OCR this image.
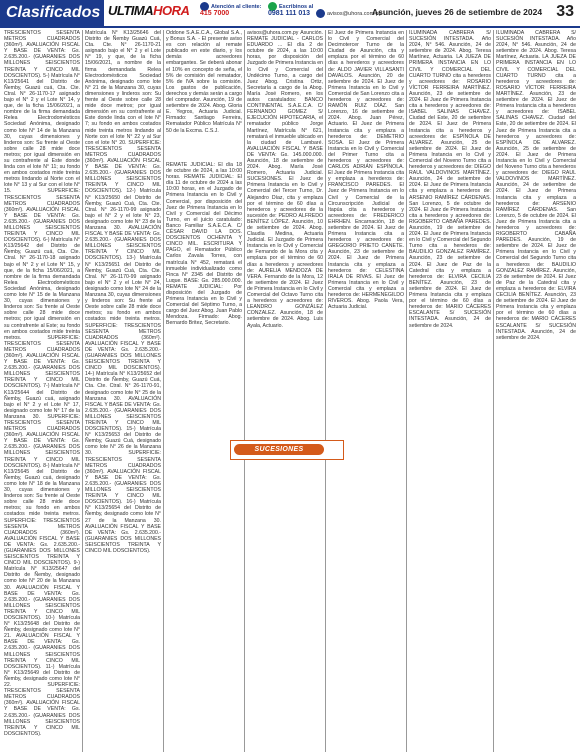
Clasificados ULTIMAHORA	Atención al cliente:
415 7000
Escribinos al
0981 111 013	avisos@uhora.com.py
Asunción, jueves 26 de setiembre de 2024 33

TRESCIENTOS SESENTA METROS CUADRADOS (360m²). AVALUACIÓN FISCAL Y BASE DE VENTA: Gs. 2.635.200.- (GUARANIES DOS MILLONES SEISCIENTOS TREINTA Y CINCO MIL DOSCIENTOS). 5-) Matrícula N° K13/25641 del Distrito de Ñemby, Guazú cuá, Cta. Cte. Ctral. N° 26-1170-17 asignado bajo el N° 2 y el Lote N° 14, y que, de la ficha 15/06/2021, a nombre de la firma demandada Relea Electrodomésticos Sociedad Anónima, designado como lote N° 14 de la Manzana 30, cuyas dimensiones y linderos son: Su frente al Oeste sobre calle 28 mide doce metros; por igual dimensión en su contrafrente al Este donde linda con el lote N° 11; su fondo en ambos costados mide treinta metros lindando al Norte con el lote N° 13 y al Sur con el lote N° 15. SUPERFICIE: TRESCIENTOS SESENTA METROS CUADRADOS (360m²). AVALUACIÓN FISCAL Y BASE DE VENTA: Gs. 2.635.200.- (GUARANIES DOS MILLONES SEISCIENTOS TREINTA Y CINCO MIL DOSCIENTOS). 6-) Matrícula N° K13/25642 del Distrito de Ñemby, Guazú cuá, Cta. Cte. Ctral. N° 26-1170-18 asignado bajo el N° 2 y el Lote N° 15, y que, de la ficha 15/06/2021, a nombre de la firma demandada Relea Electrodomésticos Sociedad Anónima, designado como lote N° 15 de la Manzana 30, cuyas dimensiones y linderos son: Su frente al Oeste sobre calle 28 mide doce metros; por igual dimensión en su contrafrente al Este; su fondo en ambos costados mide treinta metros. SUPERFICIE: TRESCIENTOS SESENTA METROS CUADRADOS (360m²). AVALUACIÓN FISCAL Y BASE DE VENTA: Gs. 2.635.200.- (GUARANIES DOS MILLONES SEISCIENTOS TREINTA Y CINCO MIL DOSCIENTOS). 7-) Matrícula N° K13/25644 del Distrito de Ñemby, Guazú cuá, asignado bajo el N° 2 y el Lote N° 17, designado como lote N° 17 de la Manzana 30. SUPERFICIE: TRESCIENTOS SESENTA METROS CUADRADOS (360m²). AVALUACIÓN FISCAL Y BASE DE VENTA: Gs. 2.635.200.- (GUARANIES DOS MILLONES SEISCIENTOS TREINTA Y CINCO MIL DOSCIENTOS). 8-) Matrícula N° K13/25645 del Distrito de Ñemby, Guazú cuá, designado como lote N° 18 de la Manzana 30, cuyas dimensiones y linderos son: Su frente al Oeste sobre calle 28 mide doce metros; su fondo en ambos costados mide treinta metros. SUPERFICIE: TRESCIENTOS SESENTA METROS CUADRADOS (360m²). AVALUACIÓN FISCAL Y BASE DE VENTA: Gs. 2.635.200.- (GUARANIES DOS MILLONES SEISCIENTOS TREINTA Y CINCO MIL DOSCIENTOS). 9-) Matrícula N° K13/25647 del Distrito de Ñemby, designado como lote N° 20 de la Manzana 30. AVALUACIÓN FISCAL Y BASE DE VENTA: Gs. 2.635.200.- (GUARANIES DOS MILLONES SEISCIENTOS TREINTA Y CINCO MIL DOSCIENTOS). 10-) Matrícula N° K13/25648 del Distrito de Ñemby, designado como lote N° 21. AVALUACIÓN FISCAL Y BASE DE VENTA: Gs. 2.635.200.- (GUARANIES DOS MILLONES SEISCIENTOS TREINTA Y CINCO MIL DOSCIENTOS). 11-) Matrícula N° K13/25649 del Distrito de Ñemby, designado como lote N° 22. SUPERFICIE: TRESCIENTOS SESENTA METROS CUADRADOS (360m²). AVALUACIÓN FISCAL Y BASE DE VENTA: Gs. 2.635.200.- (GUARANIES DOS MILLONES SEISCIENTOS TREINTA Y CINCO MIL DOSCIENTOS).

Matrícula N° K13/25646 del Distrito de Ñemby Guazú Cuá, Cta. Cte. N° 26-1170-21 asignado bajo el N° 2 y el Lote N° 19, y que, de la ficha 15/06/2021, a nombre de la firma demandada Relea Electrodomésticos Sociedad Anónima, designado como lote N° 21 de la Manzana 30, cuyas dimensiones y linderos son: Su frente al Oeste sobre calle 28 mide doce metros; por igual dimensión en su contrafrente al Este donde linda con el lote N° 7; su fondo en ambos costados mide treinta metros lindando al Norte con el lote N° 22 y al Sur con el lote N° 20. SUPERFICIE: TRESCIENTOS SESENTA METROS CUADRADOS (360m²). AVALUACIÓN FISCAL Y BASE DE VENTA: Gs. 2.635.200.- (GUARANIES DOS MILLONES SEISCIENTOS TREINTA Y CINCO MIL DOSCIENTOS). 12-) Matrícula N° K13/25650 del Distrito de Ñemby, Guazú Cuá, Cta. Cte. Ctral. N° 26-1170-99 asignado bajo el N° 2 y el lote N° 23, designado como lote N° 23 de la Manzana 30. AVALUACIÓN FISCAL Y BASE DE VENTA: Gs. 2.635.200.- (GUARANIES DOS MILLONES SEISCIENTOS TREINTA Y CINCO MIL DOSCIENTOS). 13-) Matrícula N° K13/25651 del Distrito de Ñemby, Guazú Cuá, Cta. Cte. Ctral. N° 26-1170-99 asignado bajo el N° 2 y el Lote N° 24, designado como lote N° 24 de la Manzana 30, cuyas dimensiones y linderos son: Su frente al Oeste sobre calle 28 mide doce metros; su fondo en ambos costados mide treinta metros. SUPERFICIE: TRESCIENTOS SESENTA METROS CUADRADOS (360m²). AVALUACIÓN FISCAL Y BASE DE VENTA: Gs. 2.635.200.- (GUARANIES DOS MILLONES SEISCIENTOS TREINTA Y CINCO MIL DOSCIENTOS). 14-) Matrícula N° K13/25652 del Distrito de Ñemby, Guazú Cuá, Cta. Cte. Ctral. N° 26-1170-91, designado como lote N° 25 de la Manzana 30. AVALUACIÓN FISCAL Y BASE DE VENTA: Gs. 2.635.200.- (GUARANIES DOS MILLONES SEISCIENTOS TREINTA Y CINCO MIL DOSCIENTOS). 15-) Matrícula N° K13/25653 del Distrito de Ñemby, Guazú Cuá, designado como lote N° 26 de la Manzana 30. SUPERFICIE: TRESCIENTOS SESENTA METROS CUADRADOS (360m²). AVALUACIÓN FISCAL Y BASE DE VENTA: Gs. 2.635.200.- (GUARANIES DOS MILLONES SEISCIENTOS TREINTA Y CINCO MIL DOSCIENTOS). 16-) Matrícula N° K13/25654 del Distrito de Ñemby, designado como lote N° 27 de la Manzana 30. AVALUACIÓN FISCAL Y BASE DE VENTA: Gs. 2.635.200.- (GUARANIES DOS MILLONES SEISCIENTOS TREINTA Y CINCO MIL DOSCIENTOS).

Oddone S.A.E.C.A., Global S.A., y Bonus S.A. - El presente aviso es con relación al remate publicado en este diario, y los demás acreedores embargantes. Se deberá abonar el 10% en concepto de seña, el 5% de comisión del rematador, 5% de IVA sobre la comisión. Los gastos de publicación, derechos y demás serán a cargo del comprador. Asunción, 19 de setiembre de 2024. Abog. Gloria E. Yegros, Actuaria Judicial. Firmado: Santiago Ferreira, Rematador Público Matrícula N° 50 de la Excma. C.S.J.

REMATE JUDICIAL: El día 18 de octubre de 2024, a las 10:00 horas. REMATE JUDICIAL: El día 11 de octubre de 2024 a las 10:00 horas, en el Juzgado de Primera Instancia en lo Civil y Comercial, por disposición del Juez de Primera Instancia en lo Civil y Comercial del Décimo Turno, en el juicio caratulado: Banco Familiar S.A.E.C.A. C/ CÉSAR DAVID LA DOS. DOSCIENTOS OCHENTA Y CINCO MIL. ESCRITURA Y PAGO, el Rematador Público Carlos Zavala Torres, con matrícula N° 452, rematará el inmueble individualizado como Finca N° 2345 del Distrito de Luque. BASE: Gs. 285.000.000. REMATE JUDICIAL: Por disposición del Juzgado de Primera Instancia en lo Civil y Comercial del Séptimo Turno, a cargo del Juez Abog. Juan Pablo Mendoza. Firmado: Abog. Bernardo Britez, Secretario.

avisos@uhora.com.py Asunción. REMATE JUDICIAL - CARLOS EDUARDO ... El día 2 de octubre de 2024, a las 10:00 horas, por disposición del Juzgado de Primera Instancia en lo Civil y Comercial del Undécimo Turno, a cargo del Juez Abog. Cristina Ortiz, Secretaría a cargo de la Abog. María José Romero, en los autos caratulados: BANCO CONTINENTAL S.A.E.C.A. C/ FERNANDO GOMEZ S/ EJECUCIÓN HIPOTECARIA, el rematador público Jorge Martínez, Matrícula N° 621, rematará el inmueble ubicado en la ciudad de Lambaré. AVALUACIÓN FISCAL Y BASE DE VENTA: Gs. 145.000.000. Asunción, 18 de setiembre de 2024. Abog. María José Romero, Actuaria Judicial. SUCESIONES. El Juez de Primera Instancia en lo Civil y Comercial del Tercer Turno, Dr. Alejandro Díaz, cita y emplaza por el término de 60 días a herederos y acreedores de la sucesión de: PEDRO ALFREDO BENÍTEZ LÓPEZ. Asunción, 10 de setiembre de 2024. Abog. Claudia Medina, Actuaria Judicial. El Juzgado de Primera Instancia en lo Civil y Comercial de Fernando de la Mora cita y emplaza por el término de 60 días a herederos y acreedores de: AURELIA MENDOZA DE VERA. Fernando de la Mora, 12 de setiembre de 2024. El Juez de Primera Instancia en lo Civil y Comercial del Octavo Turno cita a herederos y acreedores de: LEANDRO GONZÁLEZ CONZALEZ. Asunción, 18 de setiembre de 2024. Abog. Luis Ayala, Actuario.

El Juez de Primera Instancia en lo Civil y Comercial del Decimotercer Turno de la Ciudad de Asunción, cita y emplaza por el término de 60 días a herederos y acreedores de: ALDO JAVIER VILLASANTI DAVALOS. Asunción, 20 de setiembre de 2024. El Juez de Primera Instancia en lo Civil y Comercial de San Lorenzo cita a herederos y acreedores de: RAMÓN RUIZ DÍAZ. San Lorenzo, 16 de setiembre de 2024. Abog. Juan Pérez, Actuario. El Juez de Primera Instancia cita y emplaza a herederos de: DEMETRIO SOSA. El Juez de Primera Instancia en lo Civil y Comercial del Primer Turno cita a herederos y acreedores de: CARLOS ADRIÁN ESPÍNOLA. El Juez de Primera Instancia cita y emplaza a herederos de: FRANCISCO PAREDES. El Juez de Primera Instancia en lo Civil y Comercial de la Circunscripción Judicial de Itapúa cita a herederos y acreedores de: FREDERICO EHRHEN. Encarnación, 18 de setiembre de 2024. El Juez de Primera Instancia cita a herederos y acreedores de: GREGORIO PRIETO CANETE. Asunción, 23 de setiembre de 2024. El Juez de Primera Instancia cita y emplaza a herederos de: CELESTINA IRALA DE RIVAS. El Juez de Primera Instancia en lo Civil y Comercial cita y emplaza a herederos de: HERMENEGILDO RIVEROS. Abog. Paola Vera, Actuaria Judicial.

ILUMINADA CABRERA S/ SUCESIÓN INTESTADA. Año 2024, N° 546. Asunción, 24 de setiembre de 2024. Abog. Teresa Martínez, Actuaria. LA JUEZA DE PRIMERA INSTANCIA EN LO CIVIL Y COMERCIAL DEL CUARTO TURNO cita a herederos y acreedores de: ROSARIO VÍCTOR FERREIRA MARTÍNEZ. Asunción, 23 de setiembre de 2024. El Juez de Primera Instancia cita a herederos y acreedores de: ISABEL SALINAS CHAVEZ. Ciudad del Este, 20 de setiembre de 2024. El Juez de Primera Instancia cita a herederos y acreedores de: ESPÍNOLA DE ALVAREZ. Asunción, 25 de setiembre de 2024. El Juez de Primera Instancia en lo Civil y Comercial del Noveno Turno cita a herederos y acreedores de: DIEGO RAUL VALDOVINOS MARTÍNEZ. Asunción, 24 de setiembre de 2024. El Juez de Primera Instancia cita y emplaza a herederos de: ARSENIO RAMÍREZ CÁRDENAS. San Lorenzo, 5 de octubre de 2024. El Juez de Primera Instancia cita a herederos y acreedores de: RIGOBERTO CABAÑA PAREDES. Asunción, 19 de setiembre de 2024. El Juez de Primera Instancia en lo Civil y Comercial del Segundo Turno cita a herederos de: BAUDILIO GONZALEZ RAMÍREZ. Asunción, 23 de setiembre de 2024. El Juez de Paz de la Catedral cita y emplaza a herederos de: ELVIRA CECILIA BENÍTEZ. Asunción, 23 de setiembre de 2024. El Juez de Primera Instancia cita y emplaza por el término de 60 días a herederos de: MARIO CÁCERES ESCALANTE S/ SUCESIÓN INTESTADA. Asunción, 24 de setiembre de 2024.

ILUMINADA CABRERA S/ SUCESIÓN INTESTADA. Año 2024, N° 546. Asunción, 24 de setiembre de 2024. Abog. Teresa Martínez, Actuaria. LA JUEZA DE PRIMERA INSTANCIA EN LO CIVIL Y COMERCIAL DEL CUARTO TURNO cita a herederos y acreedores de: ROSARIO VÍCTOR FERREIRA MARTÍNEZ. Asunción, 23 de setiembre de 2024. El Juez de Primera Instancia cita a herederos y acreedores de: ISABEL SALINAS CHAVEZ. Ciudad del Este, 20 de setiembre de 2024. El Juez de Primera Instancia cita a herederos y acreedores de: ESPÍNOLA DE ALVAREZ. Asunción, 25 de setiembre de 2024. El Juez de Primera Instancia en lo Civil y Comercial del Noveno Turno cita a herederos y acreedores de: DIEGO RAUL VALDOVINOS MARTÍNEZ. Asunción, 24 de setiembre de 2024. El Juez de Primera Instancia cita y emplaza a herederos de: ARSENIO RAMÍREZ CÁRDENAS. San Lorenzo, 5 de octubre de 2024. El Juez de Primera Instancia cita a herederos y acreedores de: RIGOBERTO CABAÑA PAREDES. Asunción, 19 de setiembre de 2024. El Juez de Primera Instancia en lo Civil y Comercial del Segundo Turno cita a herederos de: BAUDILIO GONZALEZ RAMÍREZ. Asunción, 23 de setiembre de 2024. El Juez de Paz de la Catedral cita y emplaza a herederos de: ELVIRA CECILIA BENÍTEZ. Asunción, 23 de setiembre de 2024. El Juez de Primera Instancia cita y emplaza por el término de 60 días a herederos de: MARIO CÁCERES ESCALANTE S/ SUCESIÓN INTESTADA. Asunción, 24 de setiembre de 2024.

SUCESIONES
